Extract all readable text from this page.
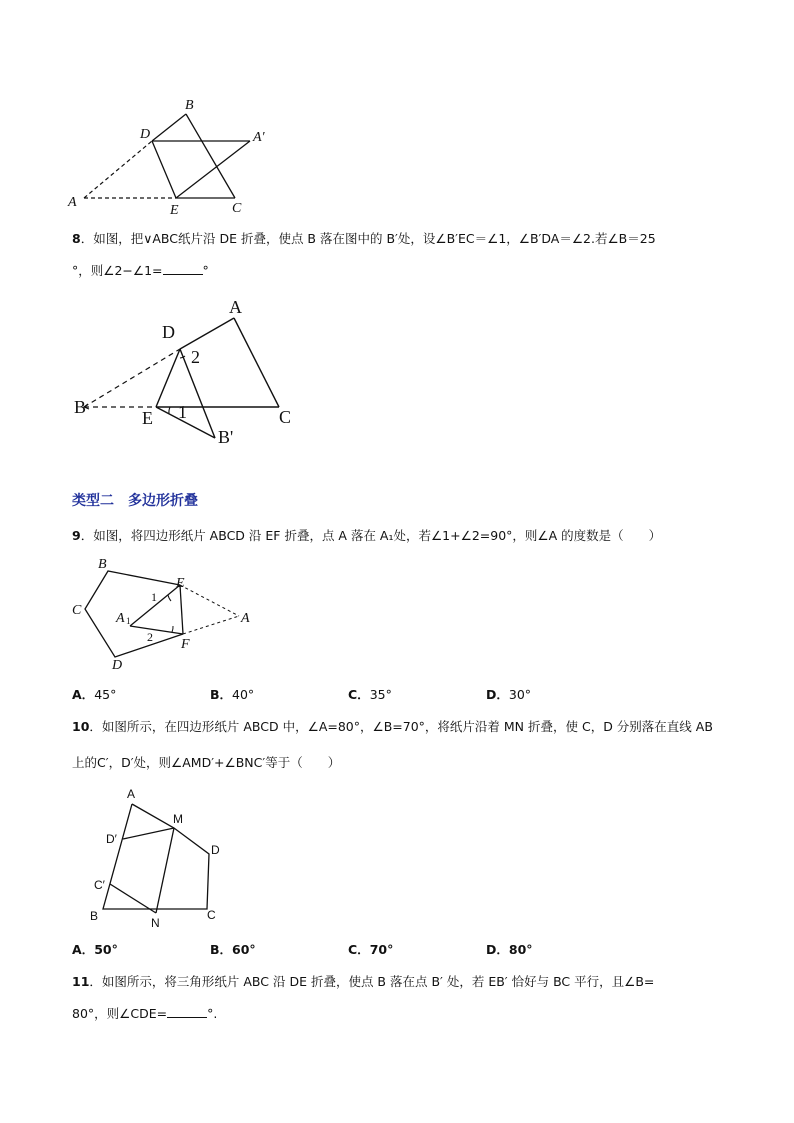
A
B
C
D
E
A′
8．如图，把∨ABC纸片沿 DE 折叠，使点 B 落在图中的 B′处，设∠B′EC＝∠1，∠B′DA＝∠2.若∠B＝25
°，则∠2−∠1=	°
A
B	C
D
E
B'
1
2
类型二 多边形折叠
9．如图，将四边形纸片 ABCD 沿 EF 折叠，点 A 落在 A₁处，若∠1+∠2=90°，则∠A 的度数是（　　）
B
C
D
E
F
A
A 1
1
2
A．45°	B．40°	C．35°	D．30°
10．如图所示，在四边形纸片 ABCD 中，∠A=80°，∠B=70°，将纸片沿着 MN 折叠，使 C，D 分别落在直线 AB
上的C′，D′处，则∠AMD′+∠BNC′等于（　　）
A
B	C
D
M
N
C′
D′
A．50°	B．60°	C．70°	D．80°
11．如图所示，将三角形纸片 ABC 沿 DE 折叠，使点 B 落在点 B′ 处，若 EB′ 恰好与 BC 平行，且∠B=
80°，则∠CDE=	°.
